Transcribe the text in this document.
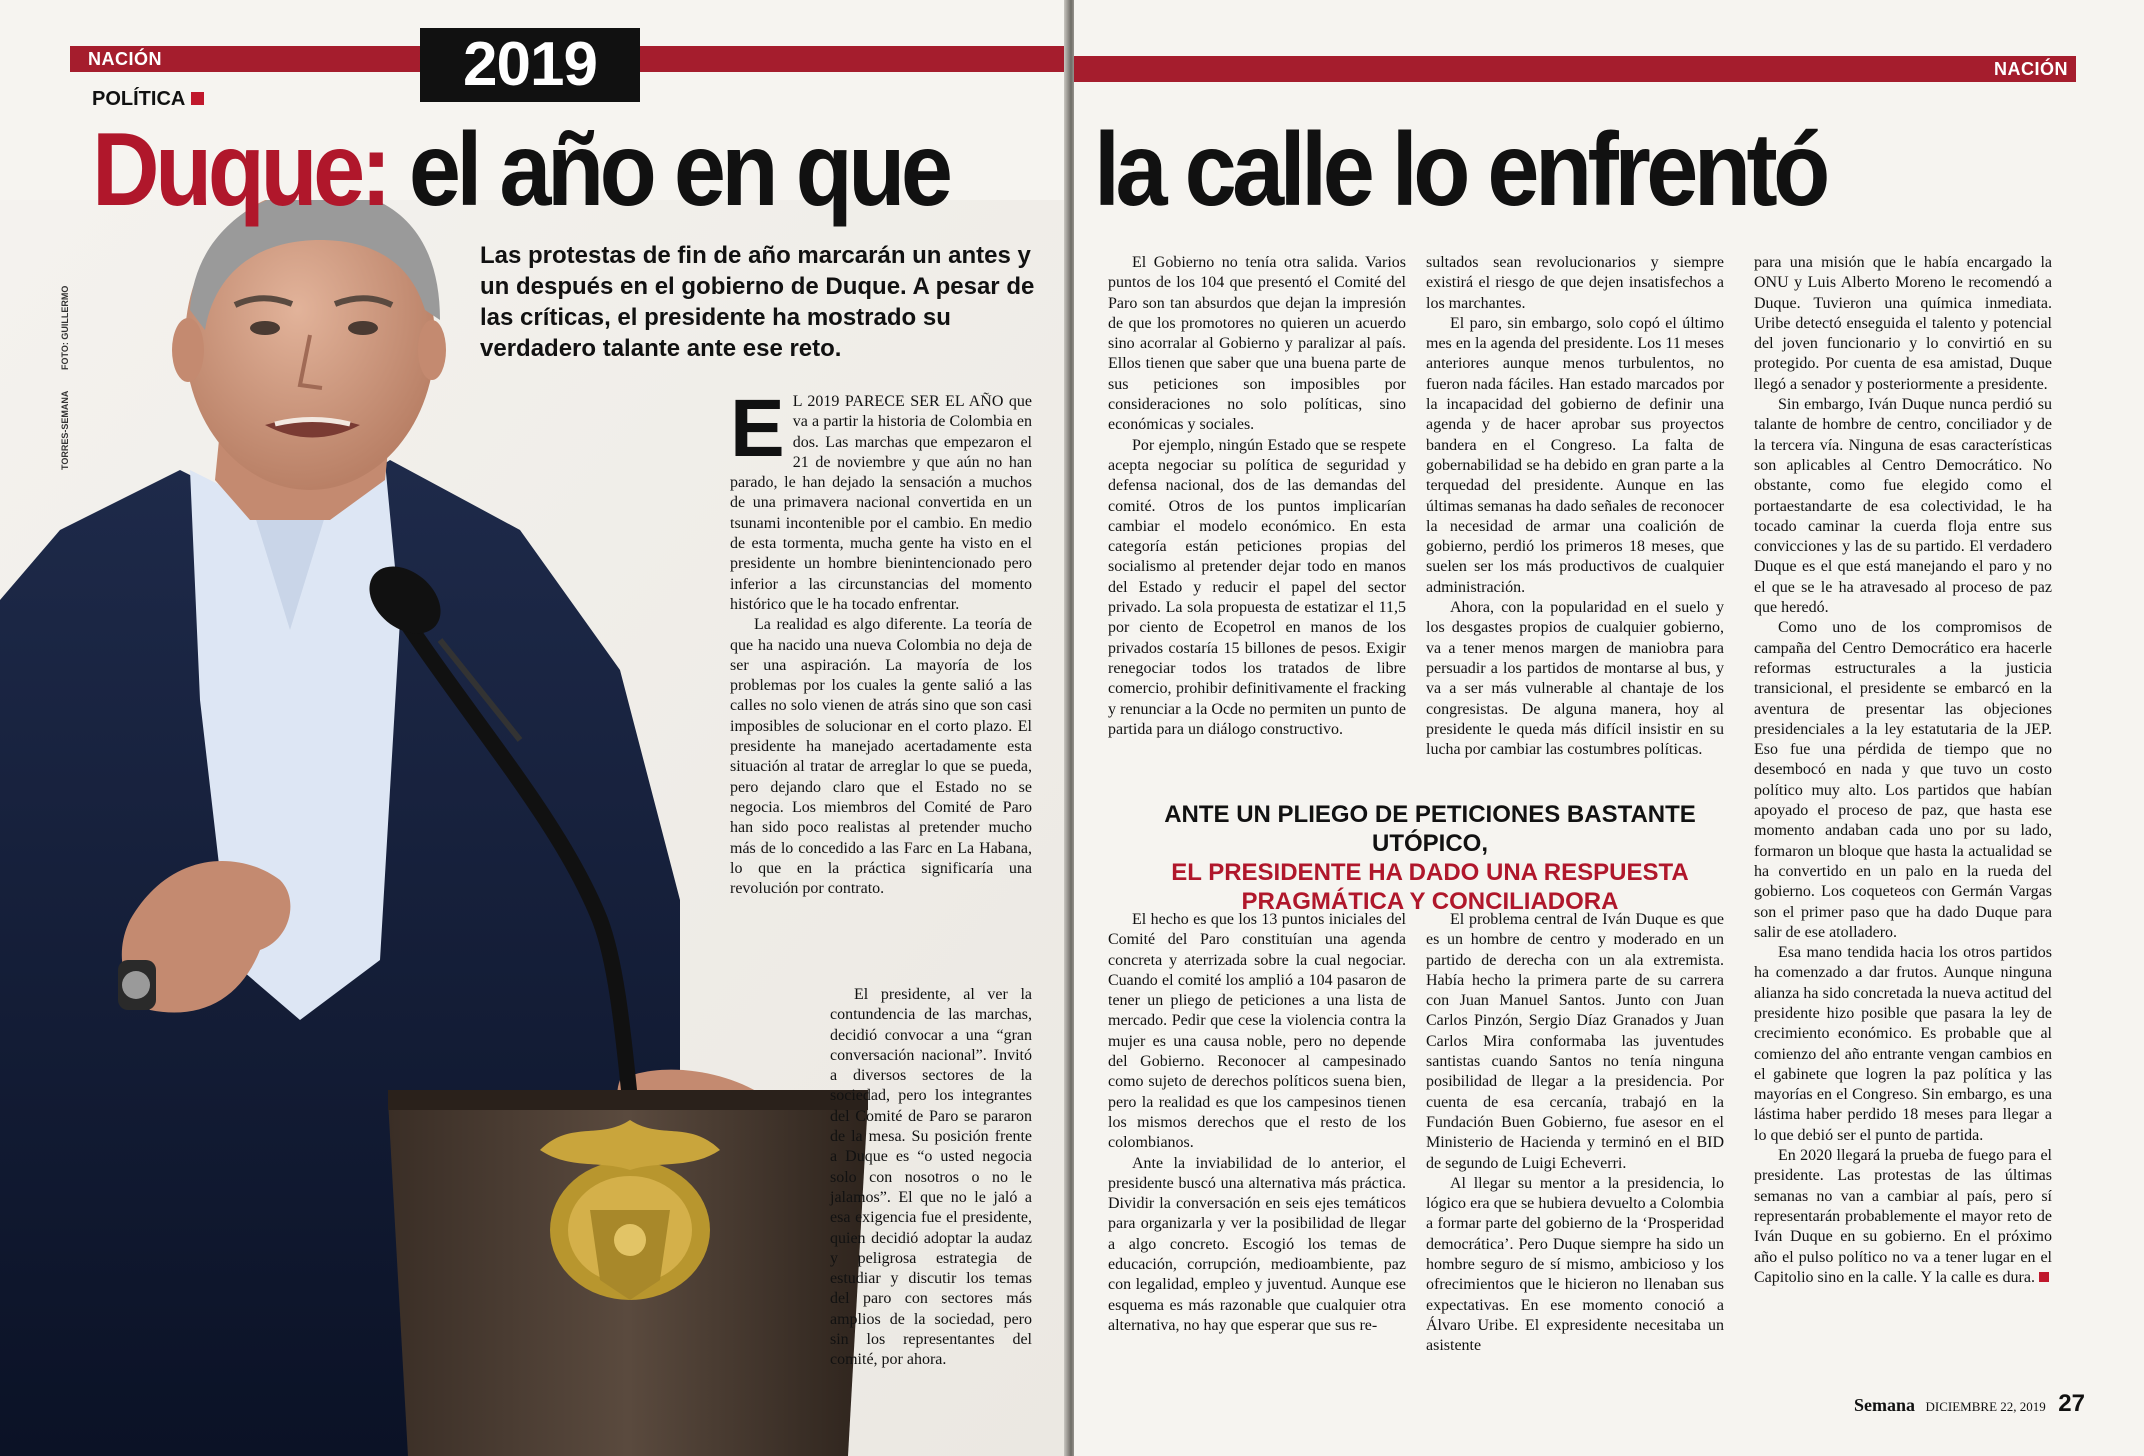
NACIÓN	2019
POLÍTICA
FOTO: GUILLERMO
TORRES-SEMANA
Las protestas de fin de año marcarán un antes y un después en el gobierno de Duque. A pesar de las críticas, el presidente ha mostrado su verdadero talante ante ese reto.

E L 2019 PARECE SER EL AÑO que va a partir la historia de Colombia en dos. Las marchas que empezaron el 21 de noviembre y que aún no han parado, le han dejado la sensación a muchos de una primavera nacional convertida en un tsunami incontenible por el cambio. En medio de esta tormenta, mucha gente ha visto en el presidente un hombre bienintencionado pero inferior a las circunstancias del momento histórico que le ha tocado enfrentar.

La realidad es algo diferente. La teoría de que ha nacido una nueva Colombia no deja de ser una aspiración. La mayoría de los problemas por los cuales la gente salió a las calles no solo vienen de atrás sino que son casi imposibles de solucionar en el corto plazo. El presidente ha manejado acertadamente esta situación al tratar de arreglar lo que se pueda, pero dejando claro que el Estado no se negocia. Los miembros del Comité de Paro han sido poco realistas al pretender mucho más de lo concedido a las Farc en La Habana, lo que en la práctica significaría una revolución por contrato.

El presidente, al ver la contundencia de las marchas, decidió convocar a una “gran conversación nacional”. Invitó a diversos sectores de la sociedad, pero los integrantes del Comité de Paro se pararon de la mesa. Su posición frente a Duque es “o usted negocia solo con nosotros o no le jalamos”. El que no le jaló a esa exigencia fue el presidente, quien decidió adoptar la audaz y peligrosa estrategia de estudiar y discutir los temas del paro con sectores más amplios de la sociedad, pero sin los representantes del comité, por ahora.

Duque: el año en que
NACIÓN
la calle lo enfrentó

El Gobierno no tenía otra salida. Varios puntos de los 104 que presentó el Comité del Paro son tan absurdos que dejan la impresión de que los promotores no quieren un acuerdo sino acorralar al Gobierno y paralizar al país. Ellos tienen que saber que una buena parte de sus peticiones son imposibles por consideraciones no solo políticas, sino económicas y sociales.

Por ejemplo, ningún Estado que se respete acepta negociar su política de seguridad y defensa nacional, dos de las demandas del comité. Otros de los puntos implicarían cambiar el modelo económico. En esta categoría están peticiones propias del socialismo al pretender dejar todo en manos del Estado y reducir el papel del sector privado. La sola propuesta de estatizar el 11,5 por ciento de Ecopetrol en manos de los privados costaría 15 billones de pesos. Exigir renegociar todos los tratados de libre comercio, prohibir definitivamente el fracking y renunciar a la Ocde no permiten un punto de partida para un diálogo constructivo.

sultados sean revolucionarios y siempre existirá el riesgo de que dejen insatisfechos a los marchantes.

El paro, sin embargo, solo copó el último mes en la agenda del presidente. Los 11 meses anteriores aunque menos turbulentos, no fueron nada fáciles. Han estado marcados por la incapacidad del gobierno de definir una agenda y de hacer aprobar sus proyectos bandera en el Congreso. La falta de gobernabilidad se ha debido en gran parte a la terquedad del presidente. Aunque en las últimas semanas ha dado señales de reconocer la necesidad de armar una coalición de gobierno, perdió los primeros 18 meses, que suelen ser los más productivos de cualquier administración.

Ahora, con la popularidad en el suelo y los desgastes propios de cualquier gobierno, va a tener menos margen de maniobra para persuadir a los partidos de montarse al bus, y va a ser más vulnerable al chantaje de los congresistas. De alguna manera, hoy al presidente le queda más difícil insistir en su lucha por cambiar las costumbres políticas.

para una misión que le había encargado la ONU y Luis Alberto Moreno le recomendó a Duque. Tuvieron una química inmediata. Uribe detectó enseguida el talento y potencial del joven funcionario y lo convirtió en su protegido. Por cuenta de esa amistad, Duque llegó a senador y posteriormente a presidente.

Sin embargo, Iván Duque nunca perdió su talante de hombre de centro, conciliador y de la tercera vía. Ninguna de esas características son aplicables al Centro Democrático. No obstante, como fue elegido como el portaestandarte de esa colectividad, le ha tocado caminar la cuerda floja entre sus convicciones y las de su partido. El verdadero Duque es el que está manejando el paro y no el que se le ha atravesado al proceso de paz que heredó.

Como uno de los compromisos de campaña del Centro Democrático era hacerle reformas estructurales a la justicia transicional, el presidente se embarcó en la aventura de presentar las objeciones presidenciales a la ley estatutaria de la JEP. Eso fue una pérdida de tiempo que no desembocó en nada y que tuvo un costo político muy alto. Los partidos que habían apoyado el proceso de paz, que hasta ese momento andaban cada uno por su lado, formaron un bloque que hasta la actualidad se ha convertido en un palo en la rueda del gobierno. Los coqueteos con Germán Vargas son el primer paso que ha dado Duque para salir de ese atolladero.

Esa mano tendida hacia los otros partidos ha comenzado a dar frutos. Aunque ninguna alianza ha sido concretada la nueva actitud del presidente hizo posible que pasara la ley de crecimiento económico. Es probable que al comienzo del año entrante vengan cambios en el gabinete que logren la paz política y las mayorías en el Congreso. Sin embargo, es una lástima haber perdido 18 meses para llegar a lo que debió ser el punto de partida.

En 2020 llegará la prueba de fuego para el presidente. Las protestas de las últimas semanas no van a cambiar al país, pero sí representarán probablemente el mayor reto de Iván Duque en su gobierno. En el próximo año el pulso político no va a tener lugar en el Capitolio sino en la calle. Y la calle es dura.

El hecho es que los 13 puntos iniciales del Comité del Paro constituían una agenda concreta y aterrizada sobre la cual negociar. Cuando el comité los amplió a 104 pasaron de tener un pliego de peticiones a una lista de mercado. Pedir que cese la violencia contra la mujer es una causa noble, pero no depende del Gobierno. Reconocer al campesinado como sujeto de derechos políticos suena bien, pero la realidad es que los campesinos tienen los mismos derechos que el resto de los colombianos.

Ante la inviabilidad de lo anterior, el presidente buscó una alternativa más práctica. Dividir la conversación en seis ejes temáticos para organizarla y ver la posibilidad de llegar a algo concreto. Escogió los temas de educación, corrupción, medioambiente, paz con legalidad, empleo y juventud. Aunque ese esquema es más razonable que cualquier otra alternativa, no hay que esperar que sus re-

El problema central de Iván Duque es que es un hombre de centro y moderado en un partido de derecha con un ala extremista. Había hecho la primera parte de su carrera con Juan Manuel Santos. Junto con Juan Carlos Pinzón, Sergio Díaz Granados y Juan Carlos Mira conformaba las juventudes santistas cuando Santos no tenía ninguna posibilidad de llegar a la presidencia. Por cuenta de esa cercanía, trabajó en la Fundación Buen Gobierno, fue asesor en el Ministerio de Hacienda y terminó en el BID de segundo de Luigi Echeverri.

Al llegar su mentor a la presidencia, lo lógico era que se hubiera devuelto a Colombia a formar parte del gobierno de la ‘Prosperidad democrática’. Pero Duque siempre ha sido un hombre seguro de sí mismo, ambicioso y los ofrecimientos que le hicieron no llenaban sus expectativas. En ese momento conoció a Álvaro Uribe. El expresidente necesitaba un asistente

Semana DICIEMBRE 22, 2019 27
ANTE UN PLIEGO DE PETICIONES BASTANTE UTÓPICO,
EL PRESIDENTE HA DADO UNA RESPUESTA PRAGMÁTICA Y CONCILIADORA
